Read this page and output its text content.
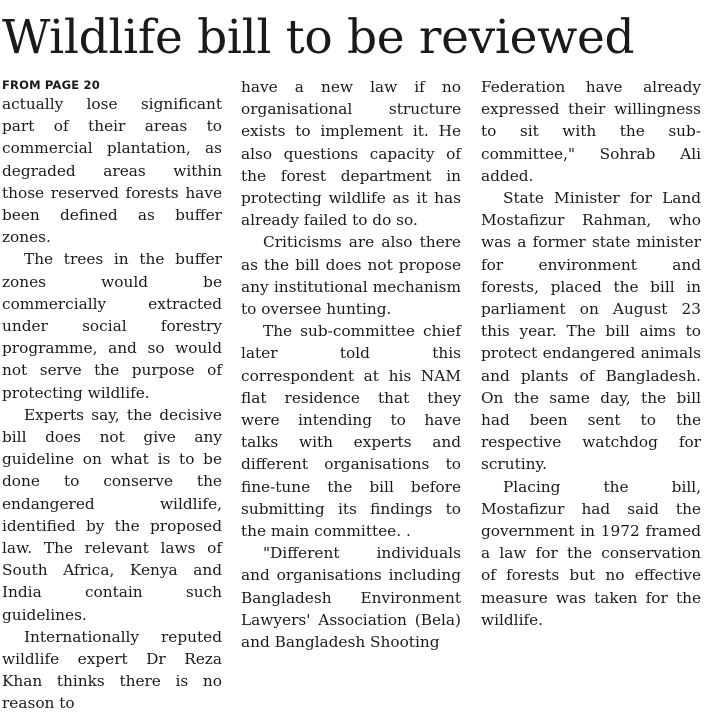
Wildlife bill to be reviewed
FROM PAGE 20

actually lose significant part of their areas to commercial plantation, as degraded areas within those reserved forests have been defined as buffer zones.

The trees in the buffer zones would be commercially extracted under social forestry programme, and so would not serve the purpose of protecting wildlife.

Experts say, the decisive bill does not give any guideline on what is to be done to conserve the endangered wildlife, identified by the proposed law. The relevant laws of South Africa, Kenya and India contain such guidelines.

Internationally reputed wildlife expert Dr Reza Khan thinks there is no reason to

have a new law if no organisational structure exists to implement it. He also questions capacity of the forest department in protecting wildlife as it has already failed to do so.

Criticisms are also there as the bill does not propose any institutional mechanism to oversee hunting.

The sub-committee chief later told this correspondent at his NAM flat residence that they were intending to have talks with experts and different organisations to fine-tune the bill before submitting its findings to the main committee. .

"Different individuals and organisations including Bangladesh Environment Lawyers' Association (Bela) and Bangladesh Shooting

Federation have already expressed their willingness to sit with the sub-committee," Sohrab Ali added.

State Minister for Land Mostafizur Rahman, who was a former state minister for environment and forests, placed the bill in parliament on August 23 this year. The bill aims to protect endangered animals and plants of Bangladesh. On the same day, the bill had been sent to the respective watchdog for scrutiny.

Placing the bill, Mostafizur had said the government in 1972 framed a law for the conservation of forests but no effective measure was taken for the wildlife.
